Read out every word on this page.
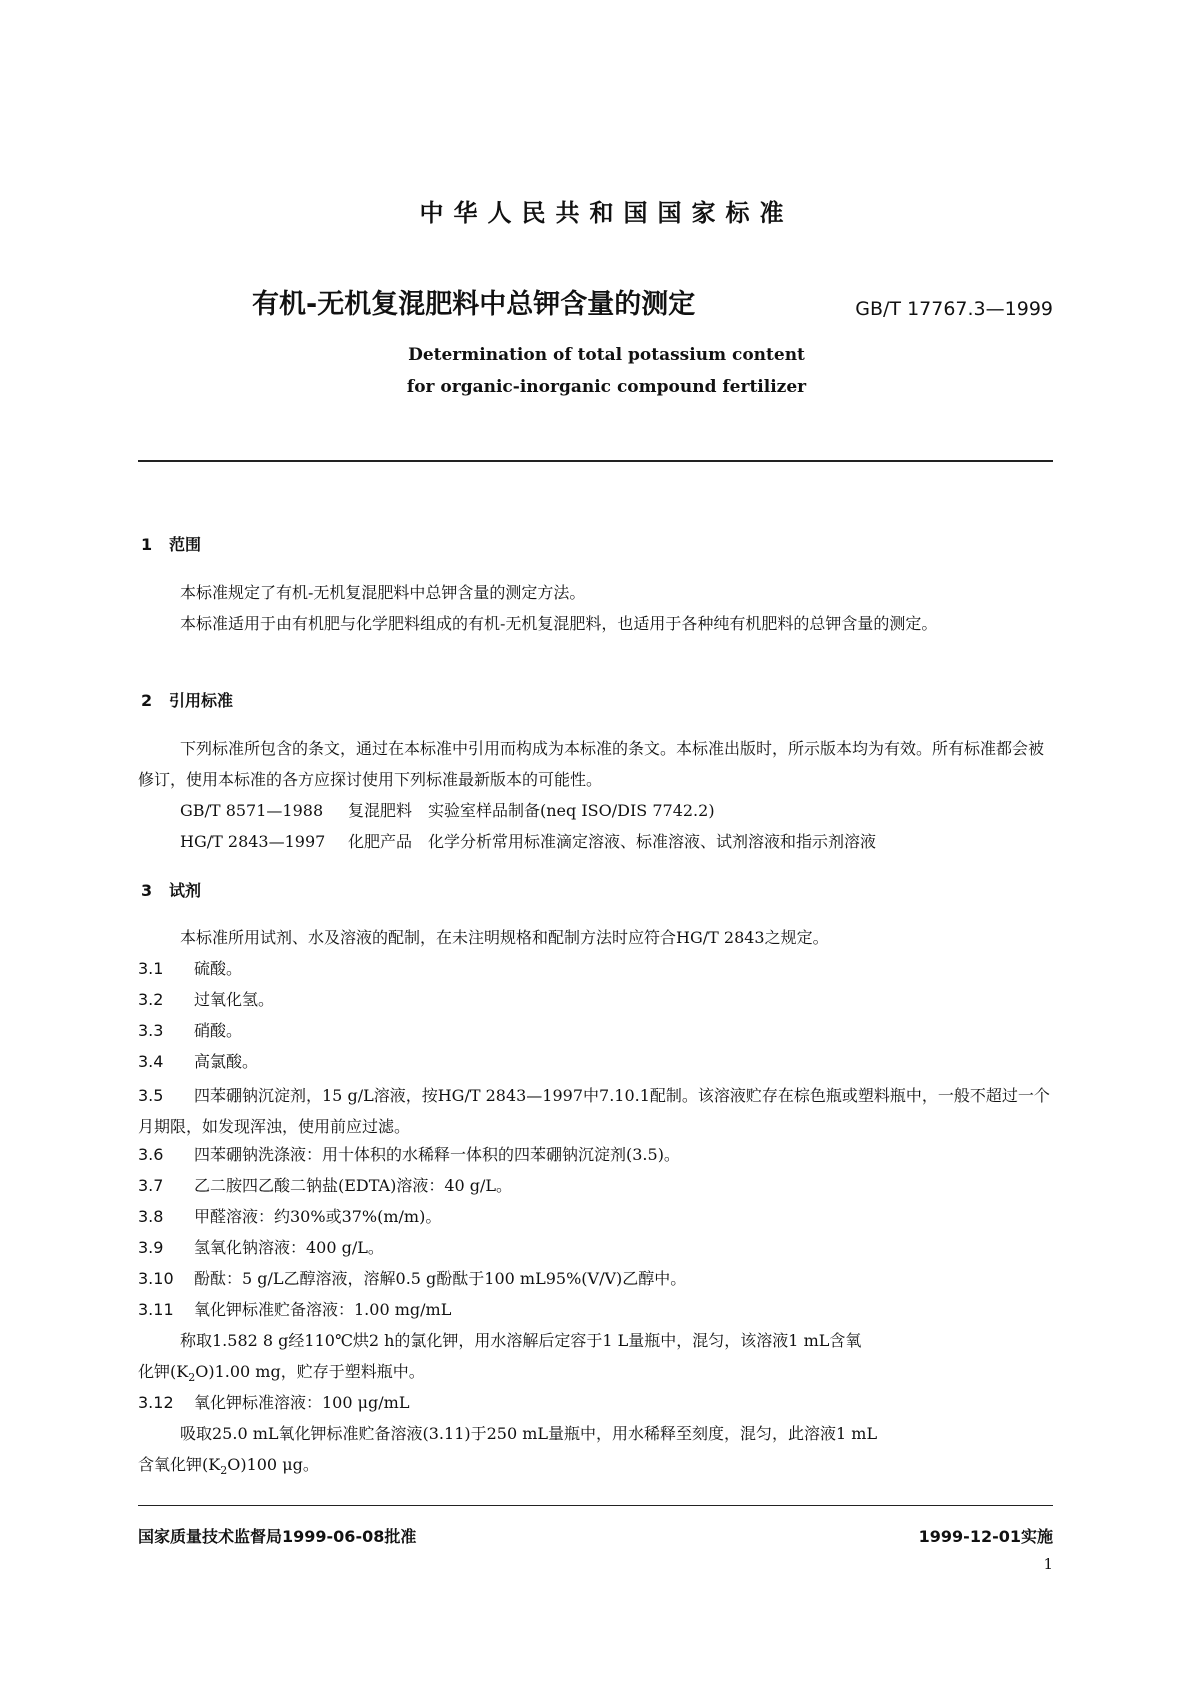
中华人民共和国国家标准
有机-无机复混肥料中总钾含量的测定	GB/T 17767.3—1999
Determination of total potassium content
for organic-inorganic compound fertilizer
1 范围
本标准规定了有机-无机复混肥料中总钾含量的测定方法。
本标准适用于由有机肥与化学肥料组成的有机-无机复混肥料，也适用于各种纯有机肥料的总钾含量的测定。
2 引用标准
下列标准所包含的条文，通过在本标准中引用而构成为本标准的条文。本标准出版时，所示版本均为有效。所有标准都会被修订，使用本标准的各方应探讨使用下列标准最新版本的可能性。
GB/T 8571—1988 复混肥料　实验室样品制备(neq ISO/DIS 7742.2)
HG/T 2843—1997 化肥产品　化学分析常用标准滴定溶液、标准溶液、试剂溶液和指示剂溶液
3 试剂
本标准所用试剂、水及溶液的配制，在未注明规格和配制方法时应符合HG/T 2843之规定。
3.1 硫酸。
3.2 过氧化氢。
3.3 硝酸。
3.4 高氯酸。
3.5 四苯硼钠沉淀剂，15 g/L溶液，按HG/T 2843—1997中7.10.1配制。该溶液贮存在棕色瓶或塑料瓶中，一般不超过一个月期限，如发现浑浊，使用前应过滤。
3.6 四苯硼钠洗涤液：用十体积的水稀释一体积的四苯硼钠沉淀剂(3.5)。
3.7 乙二胺四乙酸二钠盐(EDTA)溶液：40 g/L。
3.8 甲醛溶液：约30%或37%(m/m)。
3.9 氢氧化钠溶液：400 g/L。
3.10 酚酞：5 g/L乙醇溶液，溶解0.5 g酚酞于100 mL95%(V/V)乙醇中。
3.11 氧化钾标准贮备溶液：1.00 mg/mL
称取1.582 8 g经110℃烘2 h的氯化钾，用水溶解后定容于1 L量瓶中，混匀，该溶液1 mL含氧
化钾$(K_2O)1.00$ mg，贮存于塑料瓶中。
3.12 氧化钾标准溶液：100 μg/mL
吸取25.0 mL氧化钾标准贮备溶液(3.11)于250 mL量瓶中，用水稀释至刻度，混匀，此溶液1 mL
含氧化钾$(K_2O)100$ μg。
国家质量技术监督局1999-06-08批准	1999-12-01实施
1
